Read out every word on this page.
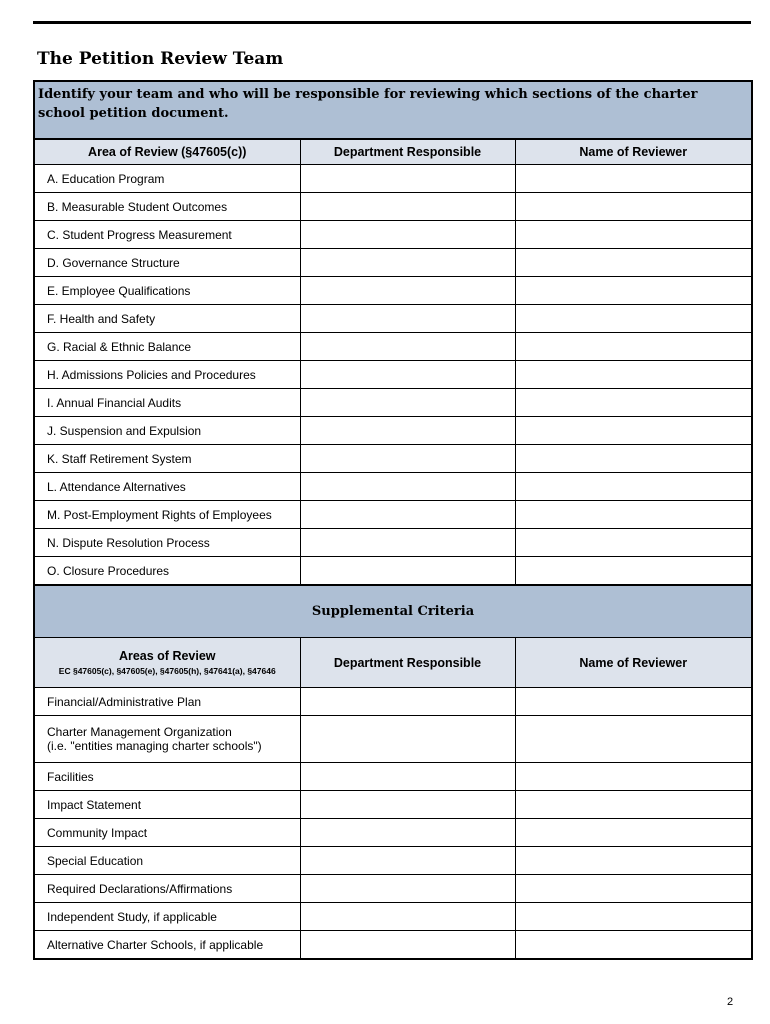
The Petition Review Team
Identify your team and who will be responsible for reviewing which sections of the charter school petition document.		
Area of Review (§47605(c))	Department Responsible	Name of Reviewer
A. Education Program		
B. Measurable Student Outcomes		
C. Student Progress Measurement		
D. Governance Structure		
E. Employee Qualifications		
F. Health and Safety		
G. Racial & Ethnic Balance		
H. Admissions Policies and Procedures		
I. Annual Financial Audits		
J. Suspension and Expulsion		
K. Staff Retirement System		
L. Attendance Alternatives		
M. Post-Employment Rights of Employees		
N. Dispute Resolution Process		
O. Closure Procedures		
Supplemental Criteria		

Areas of Review
EC §47605(c), §47605(e), §47605(h), §47641(a), §47646	Department Responsible	Name of Reviewer
Financial/Administrative Plan		
Charter Management Organization
(i.e. "entities managing charter schools")		

Facilities		
Impact Statement		
Community Impact		
Special Education		
Required Declarations/Affirmations		
Independent Study, if applicable		
Alternative Charter Schools, if applicable		
2
